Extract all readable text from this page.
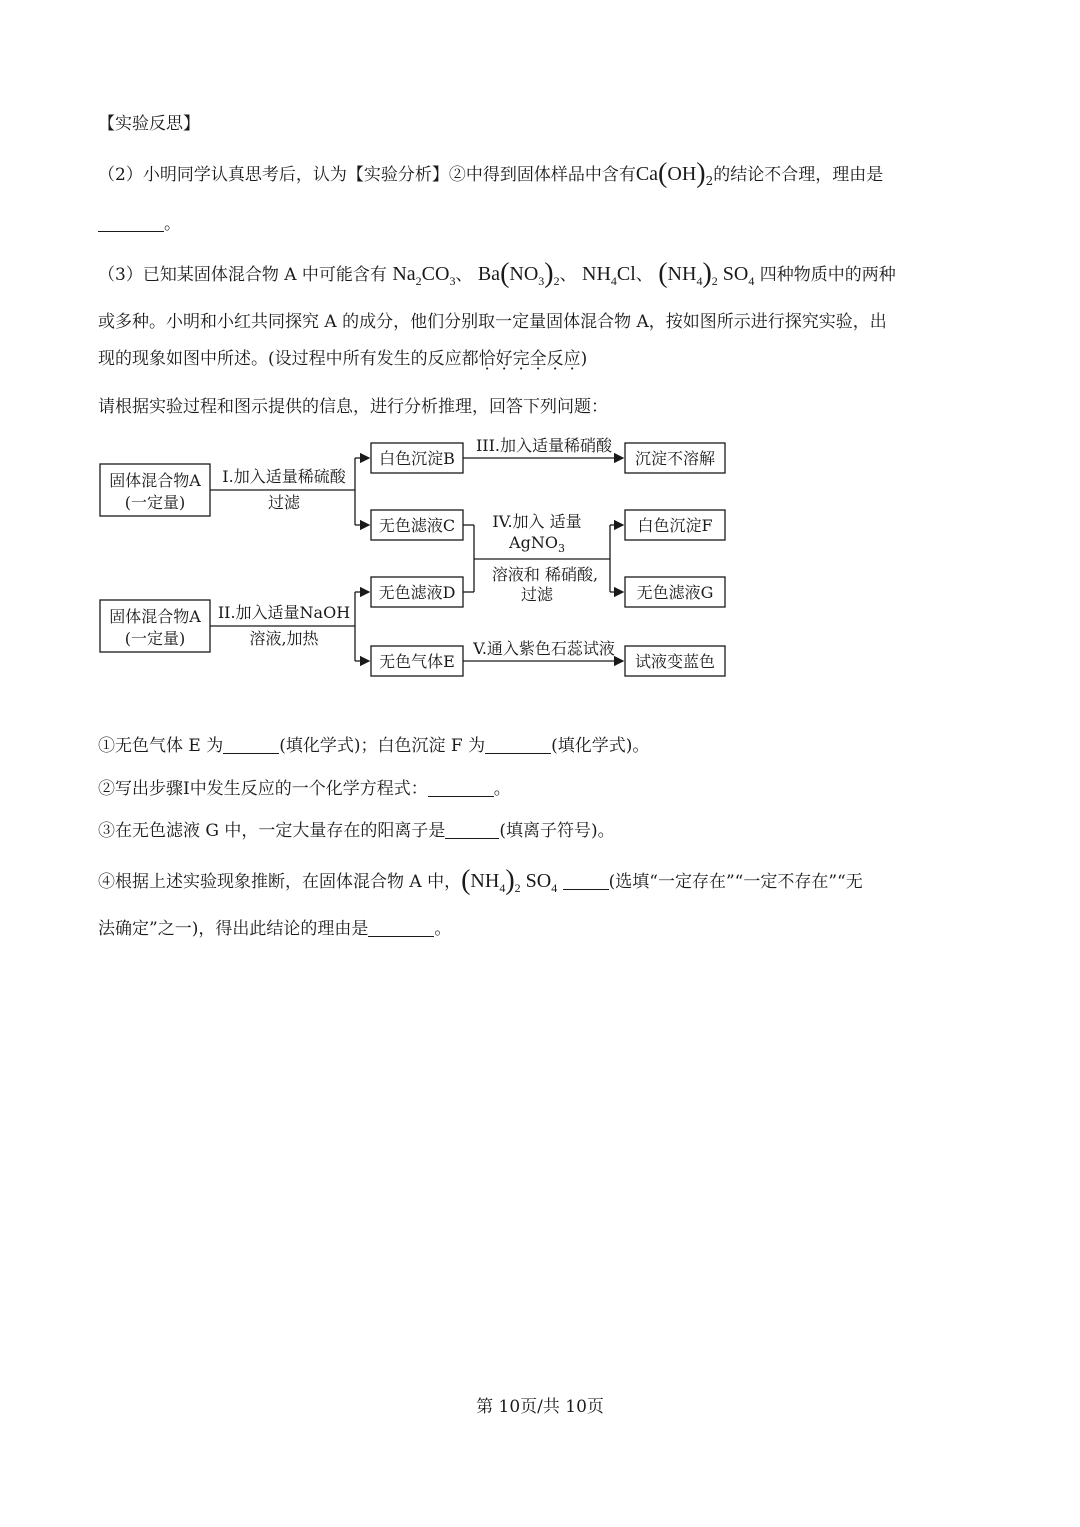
【实验反思】
（2）小明同学认真思考后，认为【实验分析】②中得到固体样品中含有$Ca(OH)_2$的结论不合理，理由是
。
（3）已知某固体混合物 A 中可能含有 $Na_2CO_3$、 $Ba(NO_3)_2$、 $NH_4Cl$、 $(NH_4)_2$ $SO_4$ 四种物质中的两种
或多种。小明和小红共同探究 A 的成分，他们分别取一定量固体混合物 A，按如图所示进行探究实验，出
现的现象如图中所述。(设过程中所有发生的反应都恰好完全反应)
请根据实验过程和图示提供的信息，进行分析推理，回答下列问题：
固体混合物A
(一定量)
固体混合物A
(一定量)
I.加入适量稀硫酸
过滤
II.加入适量NaOH
溶液,加热
III.加入适量稀硝酸
IV.加入 适量
AgNO$_3$
溶液和 稀硝酸,
过滤
V.通入紫色石蕊试液
白色沉淀B
无色滤液C
无色滤液D
无色气体E
沉淀不溶解
白色沉淀F
无色滤液G
试液变蓝色
①无色气体 E 为	(填化学式)；白色沉淀 F 为	(填化学式)。
②写出步骤I中发生反应的一个化学方程式：	。
③在无色滤液 G 中，一定大量存在的阳离子是	(填离子符号)。
④根据上述实验现象推断，在固体混合物 A 中，$(NH_4)_2$ $SO_4$	(选填“一定存在”“一定不存在”“无
法确定”之一)，得出此结论的理由是	。
第 10页/共 10页
